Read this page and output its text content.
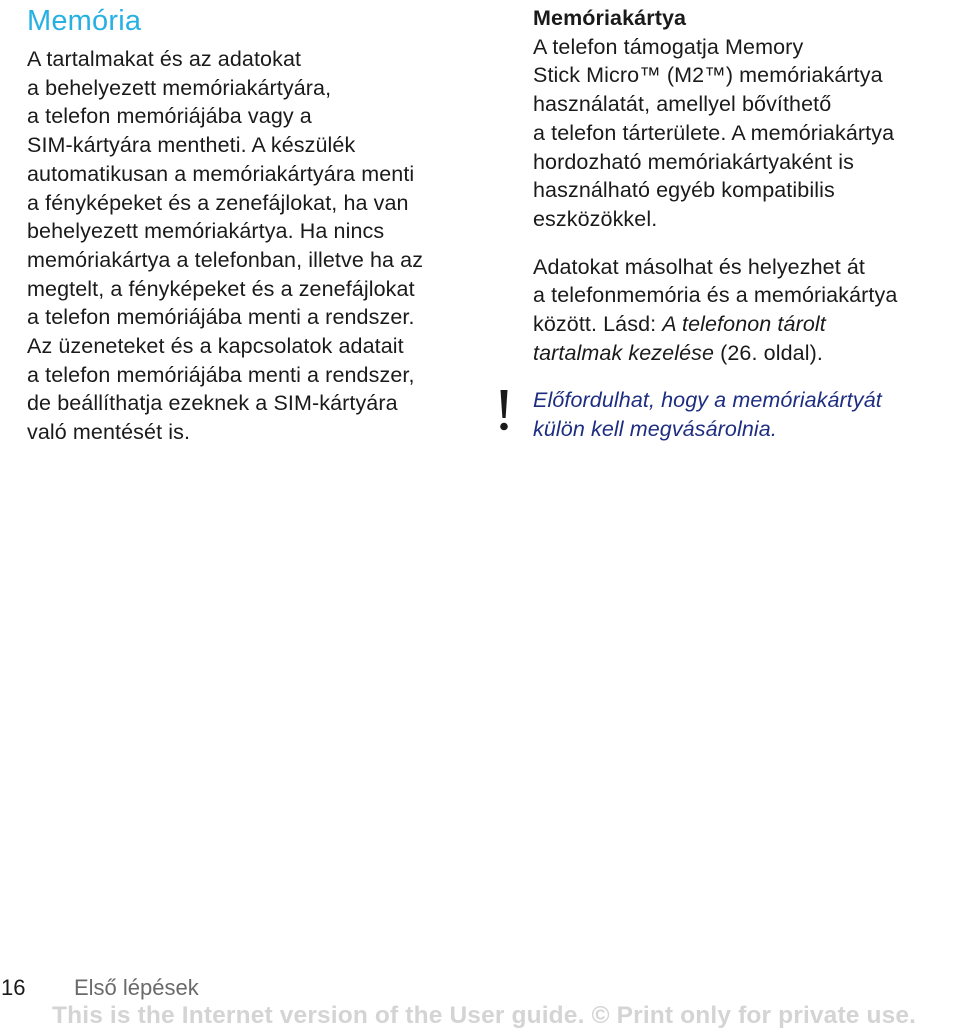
Memória

A tartalmakat és az adatokat
a behelyezett memóriakártyára,
a telefon memóriájába vagy a
SIM-kártyára mentheti. A készülék
automatikusan a memóriakártyára menti
a fényképeket és a zenefájlokat, ha van
behelyezett memóriakártya. Ha nincs
memóriakártya a telefonban, illetve ha az
megtelt, a fényképeket és a zenefájlokat
a telefon memóriájába menti a rendszer.
Az üzeneteket és a kapcsolatok adatait
a telefon memóriájába menti a rendszer,
de beállíthatja ezeknek a SIM-kártyára
való mentését is.

Memóriakártya

A telefon támogatja Memory
Stick Micro™ (M2™) memóriakártya
használatát, amellyel bővíthető
a telefon tárterülete. A memóriakártya
hordozható memóriakártyaként is
használható egyéb kompatibilis
eszközökkel.

Adatokat másolhat és helyezhet át
a telefonmemória és a memóriakártya
között. Lásd: A telefonon tárolt
tartalmak kezelése (26. oldal).

Előfordulhat, hogy a memóriakártyát
külön kell megvásárolnia.

16 Első lépések
This is the Internet version of the User guide. © Print only for private use.
